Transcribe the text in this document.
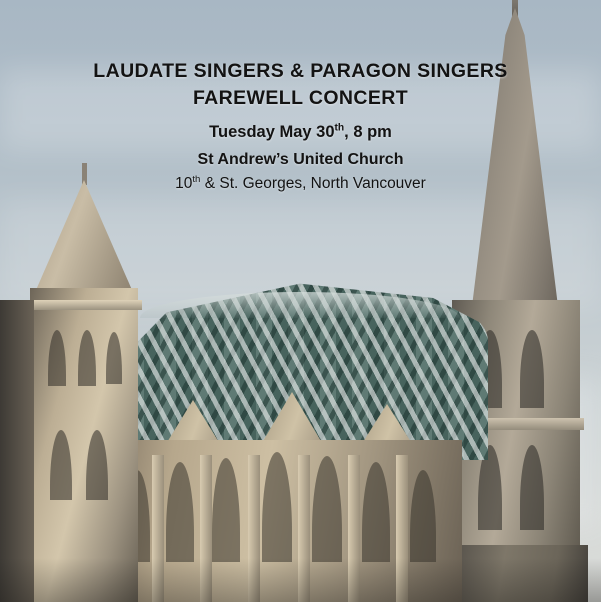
LAUDATE SINGERS & PARAGON SINGERS
FAREWELL CONCERT
Tuesday May 30th, 8 pm
St Andrew’s United Church
10th & St. Georges, North Vancouver
